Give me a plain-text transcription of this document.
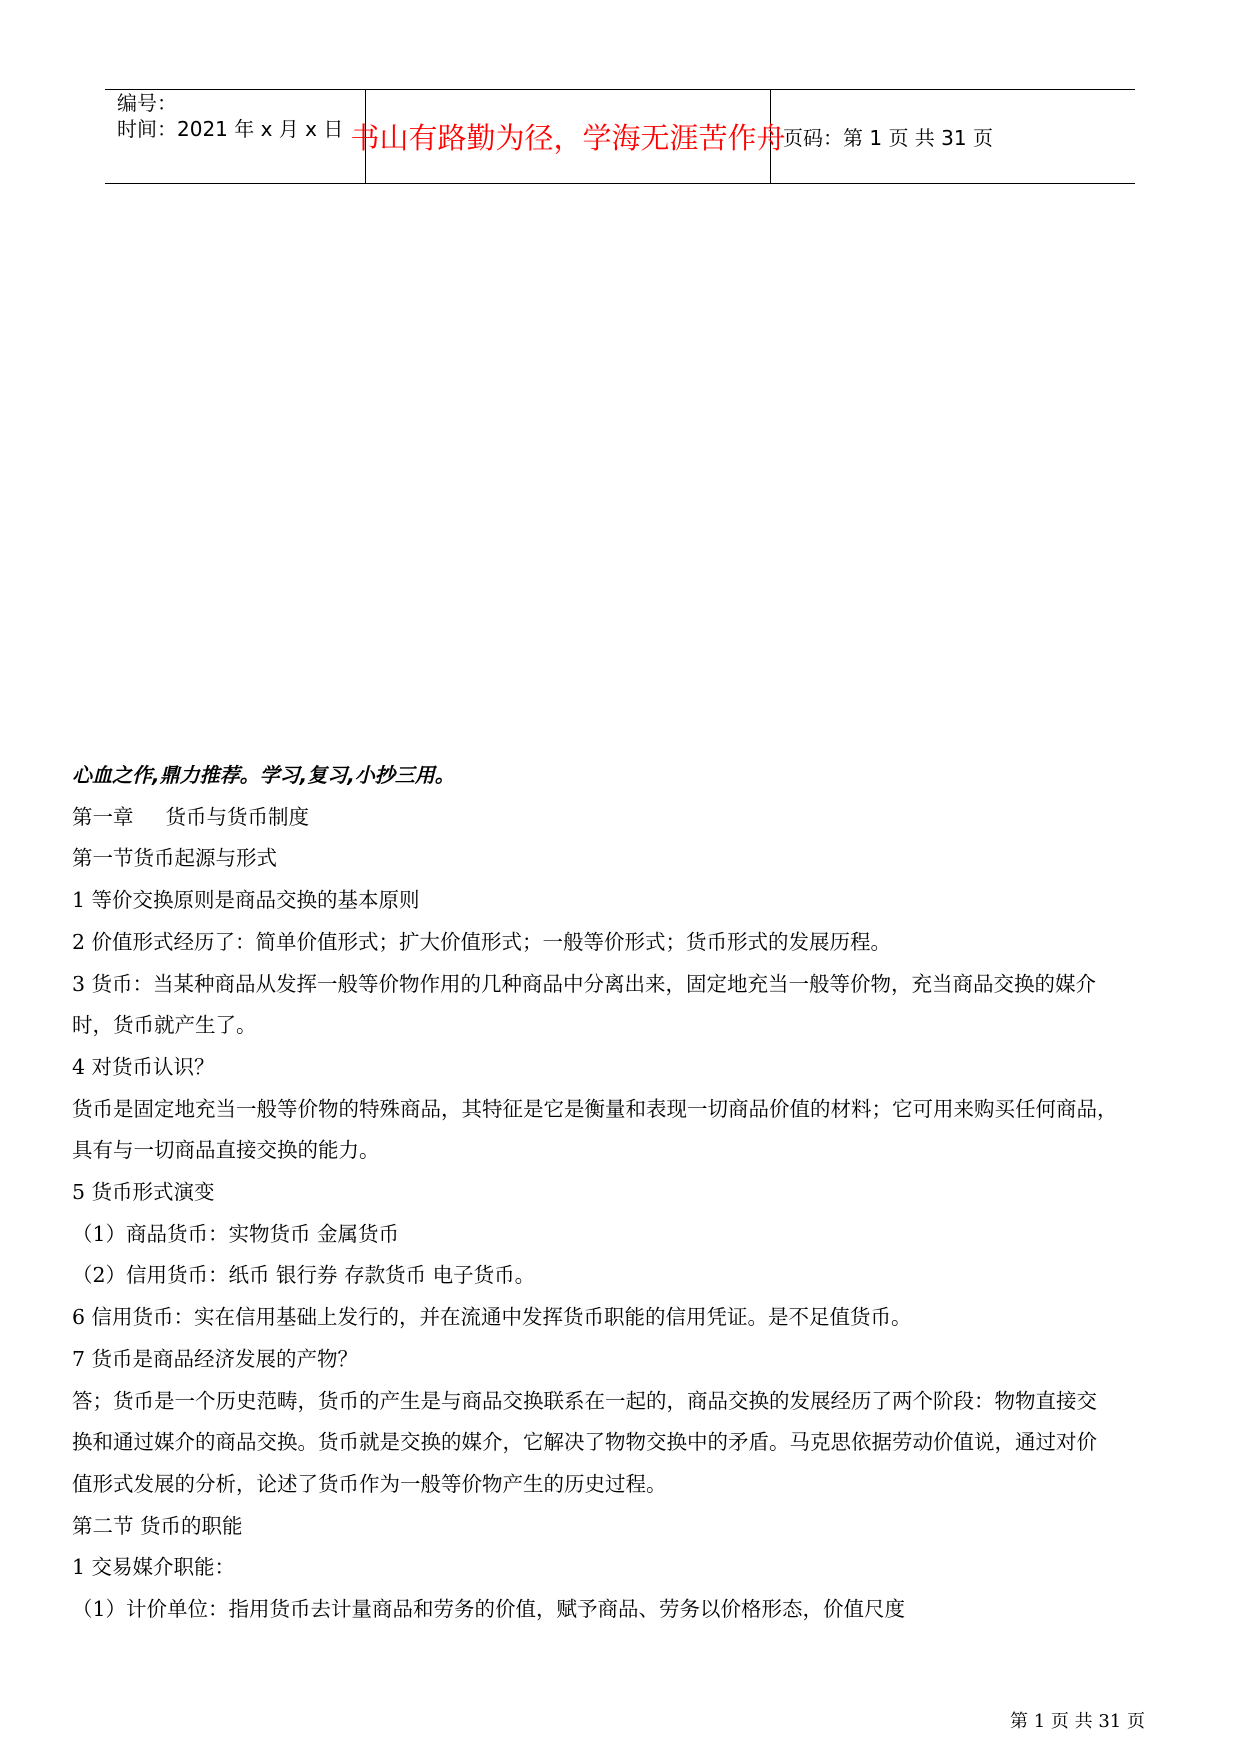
编号：
时间：2021 年 x 月 x 日 书山有路勤为径，学海无涯苦作舟
页码：第 1 页 共 31 页
心血之作,鼎力推荐。学习,复习,小抄三用。
第一章 货币与货币制度
第一节货币起源与形式
1 等价交换原则是商品交换的基本原则
2 价值形式经历了：简单价值形式；扩大价值形式；一般等价形式；货币形式的发展历程。
3 货币：当某种商品从发挥一般等价物作用的几种商品中分离出来，固定地充当一般等价物，充当商品交换的媒介
时，货币就产生了。
4 对货币认识？
货币是固定地充当一般等价物的特殊商品，其特征是它是衡量和表现一切商品价值的材料；它可用来购买任何商品，
具有与一切商品直接交换的能力。
5 货币形式演变
（1）商品货币：实物货币 金属货币
（2）信用货币：纸币 银行券 存款货币 电子货币。
6 信用货币：实在信用基础上发行的，并在流通中发挥货币职能的信用凭证。是不足值货币。
7 货币是商品经济发展的产物？
答；货币是一个历史范畴，货币的产生是与商品交换联系在一起的，商品交换的发展经历了两个阶段：物物直接交
换和通过媒介的商品交换。货币就是交换的媒介，它解决了物物交换中的矛盾。马克思依据劳动价值说，通过对价
值形式发展的分析，论述了货币作为一般等价物产生的历史过程。
第二节 货币的职能
1 交易媒介职能：
（1）计价单位：指用货币去计量商品和劳务的价值，赋予商品、劳务以价格形态，价值尺度
第 1 页 共 31 页
